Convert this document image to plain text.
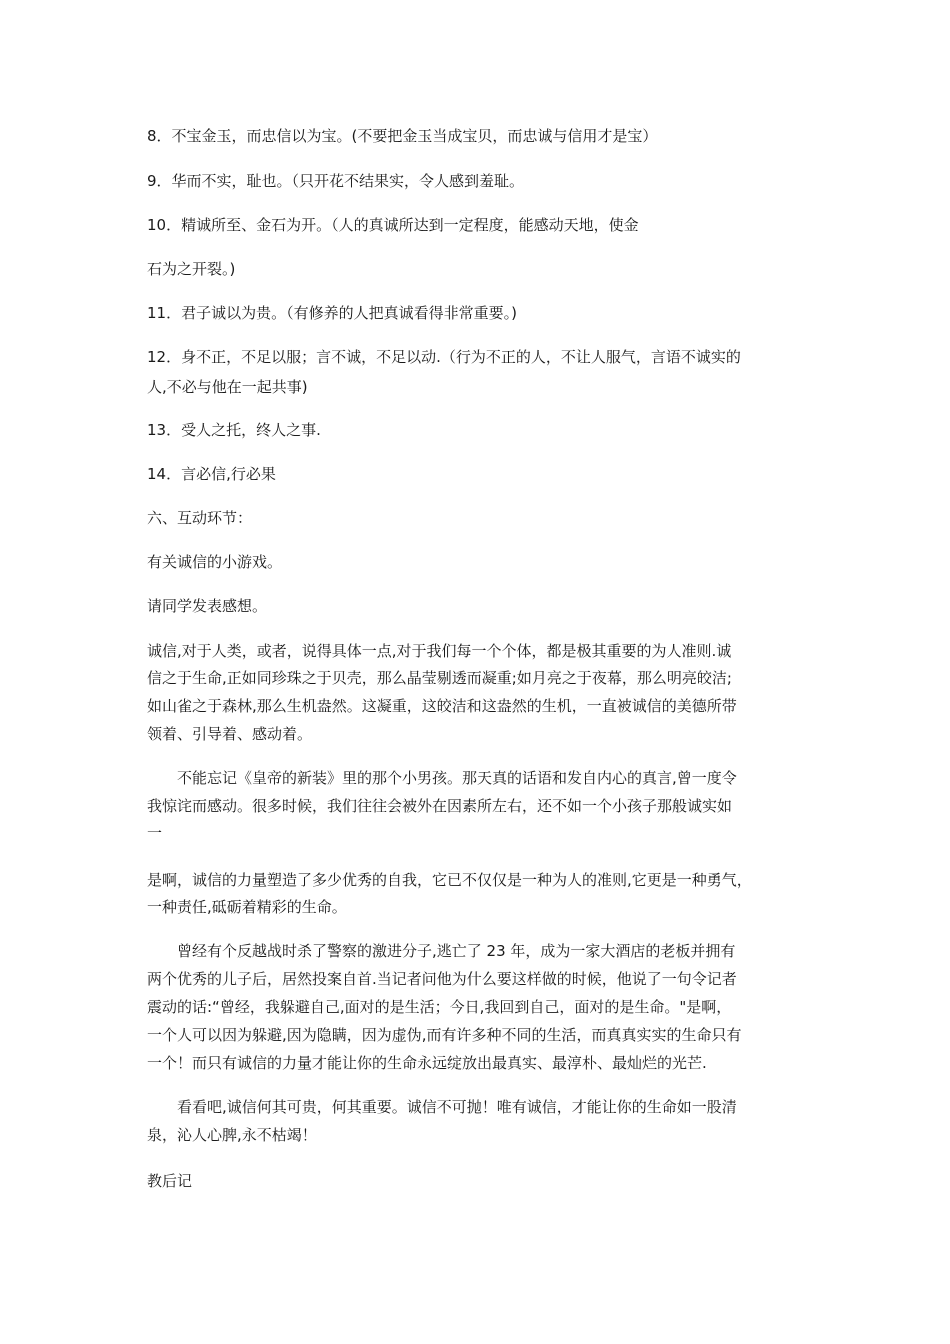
8．不宝金玉，而忠信以为宝。(不要把金玉当成宝贝，而忠诚与信用才是宝）
9．华而不实，耻也。（只开花不结果实，令人感到羞耻。
10．精诚所至、金石为开。（人的真诚所达到一定程度，能感动天地，使金
石为之开裂。)
11．君子诚以为贵。（有修养的人把真诚看得非常重要。)
12．身不正，不足以服；言不诚，不足以动.（行为不正的人，不让人服气，言语不诚实的
人,不必与他在一起共事)
13．受人之托，终人之事.
14．言必信,行必果
六、互动环节：
有关诚信的小游戏。
请同学发表感想。
诚信,对于人类，或者，说得具体一点,对于我们每一个个体，都是极其重要的为人准则.诚
信之于生命,正如同珍珠之于贝壳，那么晶莹剔透而凝重;如月亮之于夜幕，那么明亮皎洁;
如山雀之于森林,那么生机盎然。这凝重，这皎洁和这盎然的生机，一直被诚信的美德所带
领着、引导着、感动着。
　　不能忘记《皇帝的新装》里的那个小男孩。那天真的话语和发自内心的真言,曾一度令
我惊诧而感动。很多时候，我们往往会被外在因素所左右，还不如一个小孩子那般诚实如
一
是啊，诚信的力量塑造了多少优秀的自我，它已不仅仅是一种为人的准则,它更是一种勇气，
一种责任,砥砺着精彩的生命。
　　曾经有个反越战时杀了警察的激进分子,逃亡了 23 年，成为一家大酒店的老板并拥有
两个优秀的儿子后，居然投案自首.当记者问他为什么要这样做的时候，他说了一句令记者
震动的话:“曾经，我躲避自己,面对的是生活；今日,我回到自己，面对的是生命。"是啊，
一个人可以因为躲避,因为隐瞒，因为虚伪,而有许多种不同的生活，而真真实实的生命只有
一个！而只有诚信的力量才能让你的生命永远绽放出最真实、最淳朴、最灿烂的光芒.
　　看看吧,诚信何其可贵，何其重要。诚信不可抛！唯有诚信，才能让你的生命如一股清
泉，沁人心脾,永不枯竭！
教后记
